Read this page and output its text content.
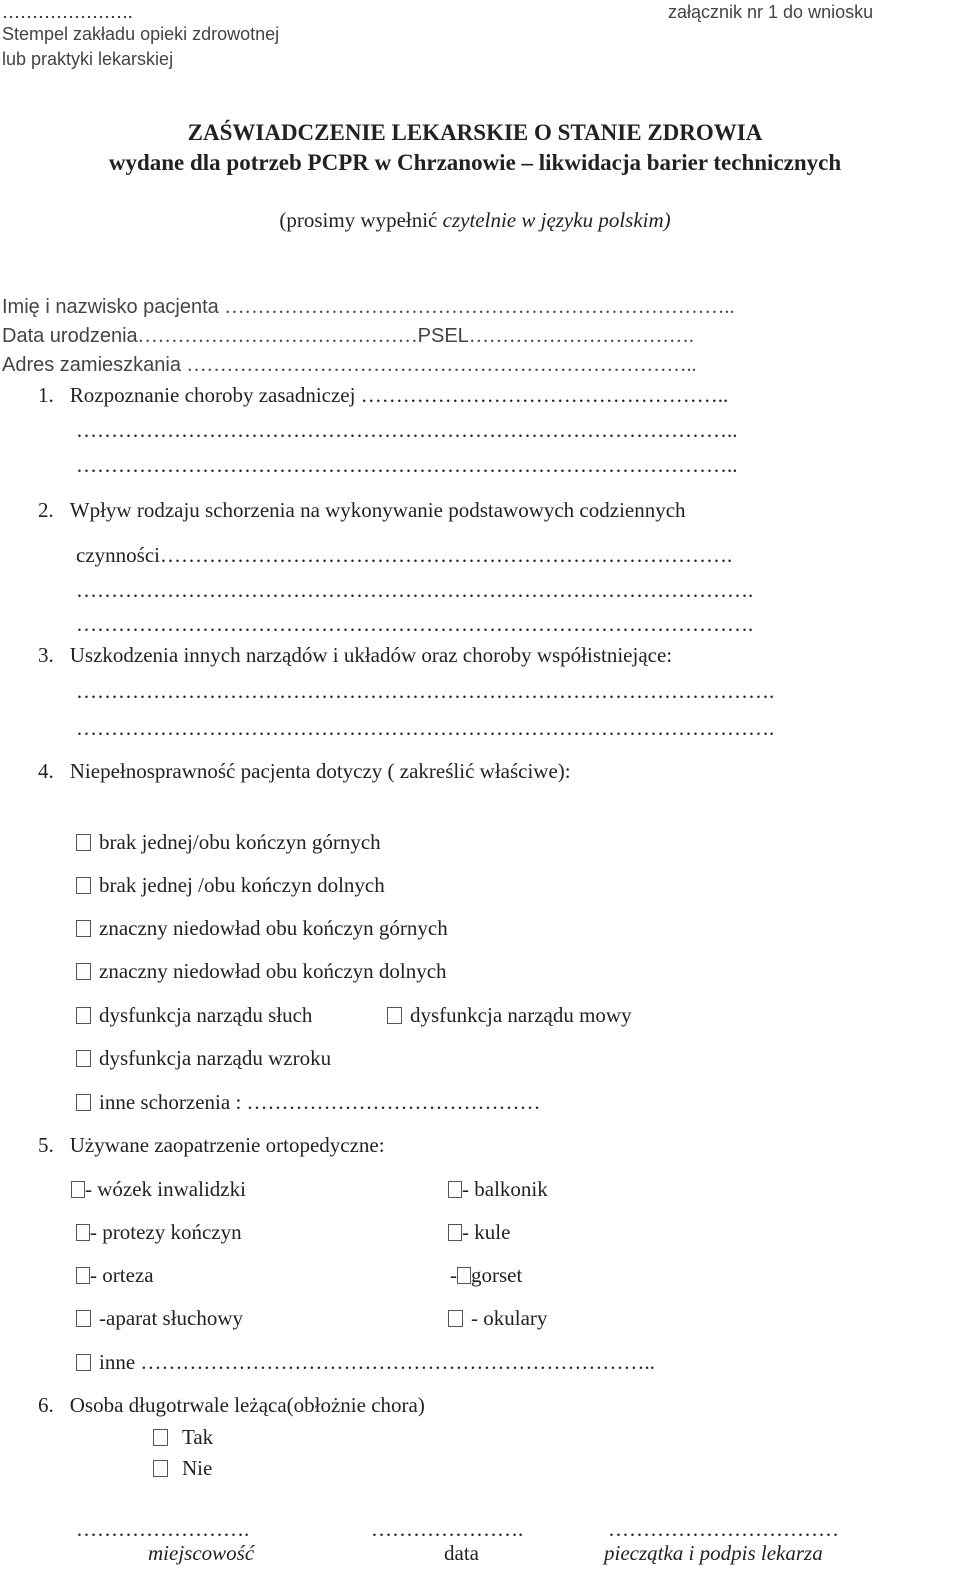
………………….
Stempel zakładu opieki zdrowotnej
lub praktyki lekarskiej
załącznik nr 1 do wniosku
ZAŚWIADCZENIE LEKARSKIE O STANIE ZDROWIA
wydane dla potrzeb PCPR w Chrzanowie – likwidacja barier technicznych
(prosimy wypełnić czytelnie w języku polskim)
Imię i nazwisko pacjenta …………………………………………………………………..
Data urodzenia……………………………………PSEL…………………………….
Adres zamieszkania …………………………………………………………………..
1. Rozpoznanie choroby zasadniczej ……………………………………………..
…………………………………………………………………………………..
…………………………………………………………………………………..
2. Wpływ rodzaju schorzenia na wykonywanie podstawowych codziennych
czynności……………………………………………………………………….
…………………………………………………………………………………….
…………………………………………………………………………………….
3. Uszkodzenia innych narządów i układów oraz choroby współistniejące:
……………………………………………………………………………………….
……………………………………………………………………………………….
4. Niepełnosprawność pacjenta dotyczy ( zakreślić właściwe):
brak jednej/obu kończyn górnych
brak jednej /obu kończyn dolnych
znaczny niedowład obu kończyn górnych
znaczny niedowład obu kończyn dolnych
dysfunkcja narządu słuch	dysfunkcja narządu mowy
dysfunkcja narządu wzroku
inne schorzenia : ……………………………………
5. Używane zaopatrzenie ortopedyczne:
- wózek inwalidzki	- balkonik
- protezy kończyn	- kule
- orteza	- gorset
-aparat słuchowy	- okulary
inne ………………………………………………………………..
6. Osoba długotrwale leżąca(obłożnie chora)
Tak
Nie
…………………….	………………….	……………………………
miejscowość	data	pieczątka i podpis lekarza
